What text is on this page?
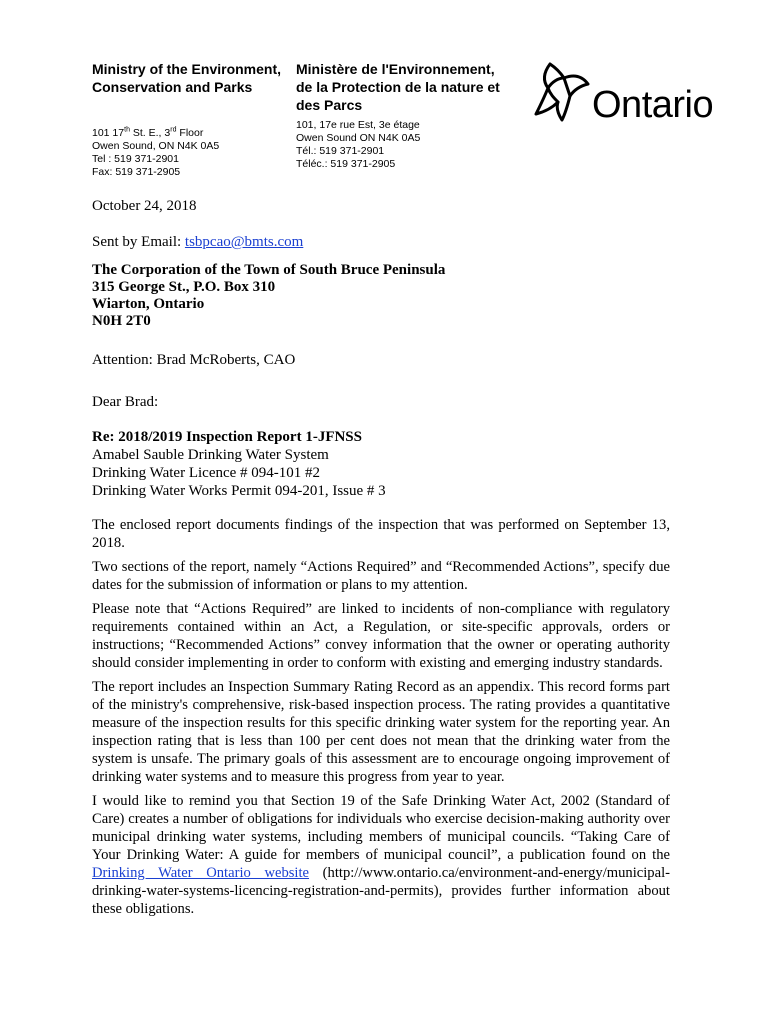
Ministry of the Environment,
Conservation and Parks
Ministère de l'Environnement,
de la Protection de la nature et
des Parcs
101 17th St. E., 3rd Floor
Owen Sound, ON N4K 0A5
Tel : 519 371-2901
Fax: 519 371-2905
101, 17e rue Est, 3e étage
Owen Sound ON N4K 0A5
Tél.: 519 371-2901
Téléc.: 519 371-2905
Ontario
October 24, 2018
Sent by Email: tsbpcao@bmts.com
The Corporation of the Town of South Bruce Peninsula
315 George St., P.O. Box 310
Wiarton, Ontario
N0H 2T0
Attention: Brad McRoberts, CAO
Dear Brad:
Re: 2018/2019 Inspection Report 1-JFNSS
Amabel Sauble Drinking Water System
Drinking Water Licence # 094-101 #2
Drinking Water Works Permit 094-201, Issue # 3

The enclosed report documents findings of the inspection that was performed on September 13, 2018.

Two sections of the report, namely “Actions Required” and “Recommended Actions”, specify due dates for the submission of information or plans to my attention.

Please note that “Actions Required” are linked to incidents of non-compliance with regulatory requirements contained within an Act, a Regulation, or site-specific approvals, orders or instructions; “Recommended Actions” convey information that the owner or operating authority should consider implementing in order to conform with existing and emerging industry standards.

The report includes an Inspection Summary Rating Record as an appendix. This record forms part of the ministry's comprehensive, risk-based inspection process. The rating provides a quantitative measure of the inspection results for this specific drinking water system for the reporting year. An inspection rating that is less than 100 per cent does not mean that the drinking water from the system is unsafe. The primary goals of this assessment are to encourage ongoing improvement of drinking water systems and to measure this progress from year to year.

I would like to remind you that Section 19 of the Safe Drinking Water Act, 2002 (Standard of Care) creates a number of obligations for individuals who exercise decision-making authority over municipal drinking water systems, including members of municipal councils. “Taking Care of Your Drinking Water: A guide for members of municipal council”, a publication found on the Drinking Water Ontario website (http://www.ontario.ca/environment-and-energy/municipal- drinking-water-systems-licencing-registration-and-permits), provides further information about these obligations.
